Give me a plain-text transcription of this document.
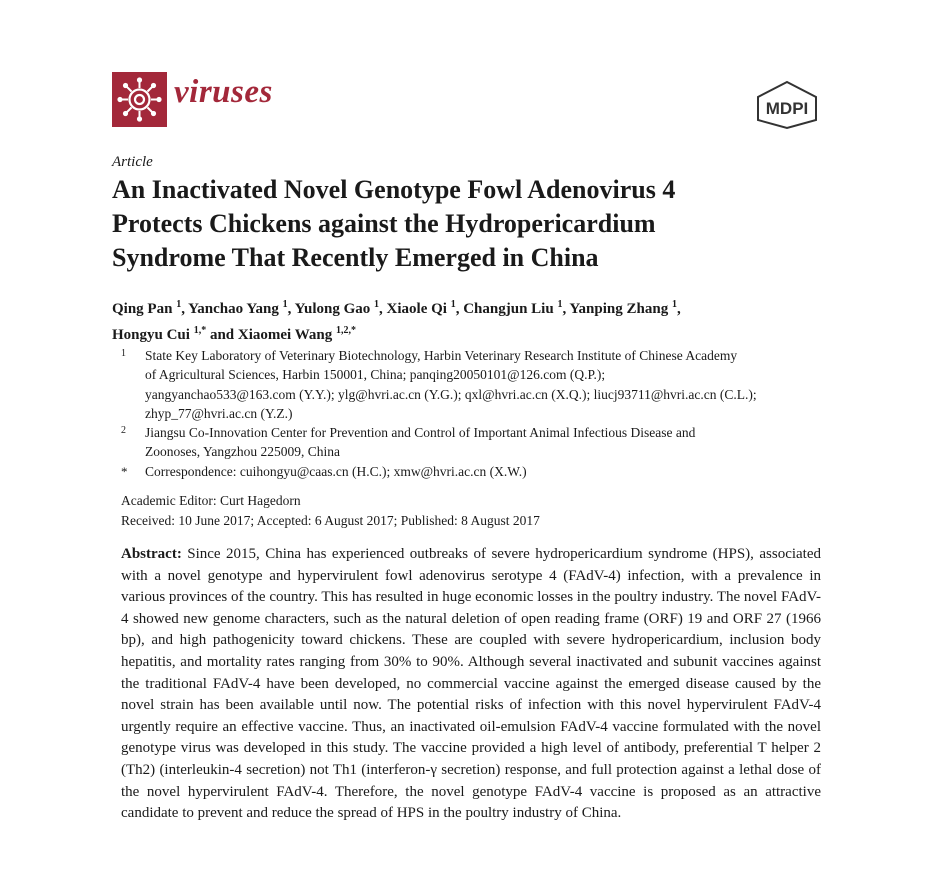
viruses	MDPI
Article
An Inactivated Novel Genotype Fowl Adenovirus 4
Protects Chickens against the Hydropericardium
Syndrome That Recently Emerged in China
Qing Pan $^1$, Yanchao Yang $^1$, Yulong Gao $^1$, Xiaole Qi $^1$, Changjun Liu $^1$, Yanping Zhang $^1$,
Hongyu Cui $^{1,*}$ and Xiaomei Wang $^{1,2,*}$
1 State Key Laboratory of Veterinary Biotechnology, Harbin Veterinary Research Institute of Chinese Academy
of Agricultural Sciences, Harbin 150001, China; panqing20050101@126.com (Q.P.);
yangyanchao533@163.com (Y.Y.); ylg@hvri.ac.cn (Y.G.); qxl@hvri.ac.cn (X.Q.); liucj93711@hvri.ac.cn (C.L.);
zhyp_77@hvri.ac.cn (Y.Z.)
2 Jiangsu Co-Innovation Center for Prevention and Control of Important Animal Infectious Disease and
Zoonoses, Yangzhou 225009, China
* Correspondence: cuihongyu@caas.cn (H.C.); xmw@hvri.ac.cn (X.W.)
Academic Editor: Curt Hagedorn
Received: 10 June 2017; Accepted: 6 August 2017; Published: 8 August 2017

Abstract: Since 2015, China has experienced outbreaks of severe hydropericardium syndrome (HPS), associated with a novel genotype and hypervirulent fowl adenovirus serotype 4 (FAdV-4) infection, with a prevalence in various provinces of the country. This has resulted in huge economic losses in the poultry industry. The novel FAdV-4 showed new genome characters, such as the natural deletion of open reading frame (ORF) 19 and ORF 27 (1966 bp), and high pathogenicity toward chickens. These are coupled with severe hydropericardium, inclusion body hepatitis, and mortality rates ranging from 30% to 90%. Although several inactivated and subunit vaccines against the traditional FAdV-4 have been developed, no commercial vaccine against the emerged disease caused by the novel strain has been available until now. The potential risks of infection with this novel hypervirulent FAdV-4 urgently require an effective vaccine. Thus, an inactivated oil-emulsion FAdV-4 vaccine formulated with the novel genotype virus was developed in this study. The vaccine provided a high level of antibody, preferential T helper 2 (Th2) (interleukin-4 secretion) not Th1 (interferon-γ secretion) response, and full protection against a lethal dose of the novel hypervirulent FAdV-4. Therefore, the novel genotype FAdV-4 vaccine is proposed as an attractive candidate to prevent and reduce the spread of HPS in the poultry industry of China.
